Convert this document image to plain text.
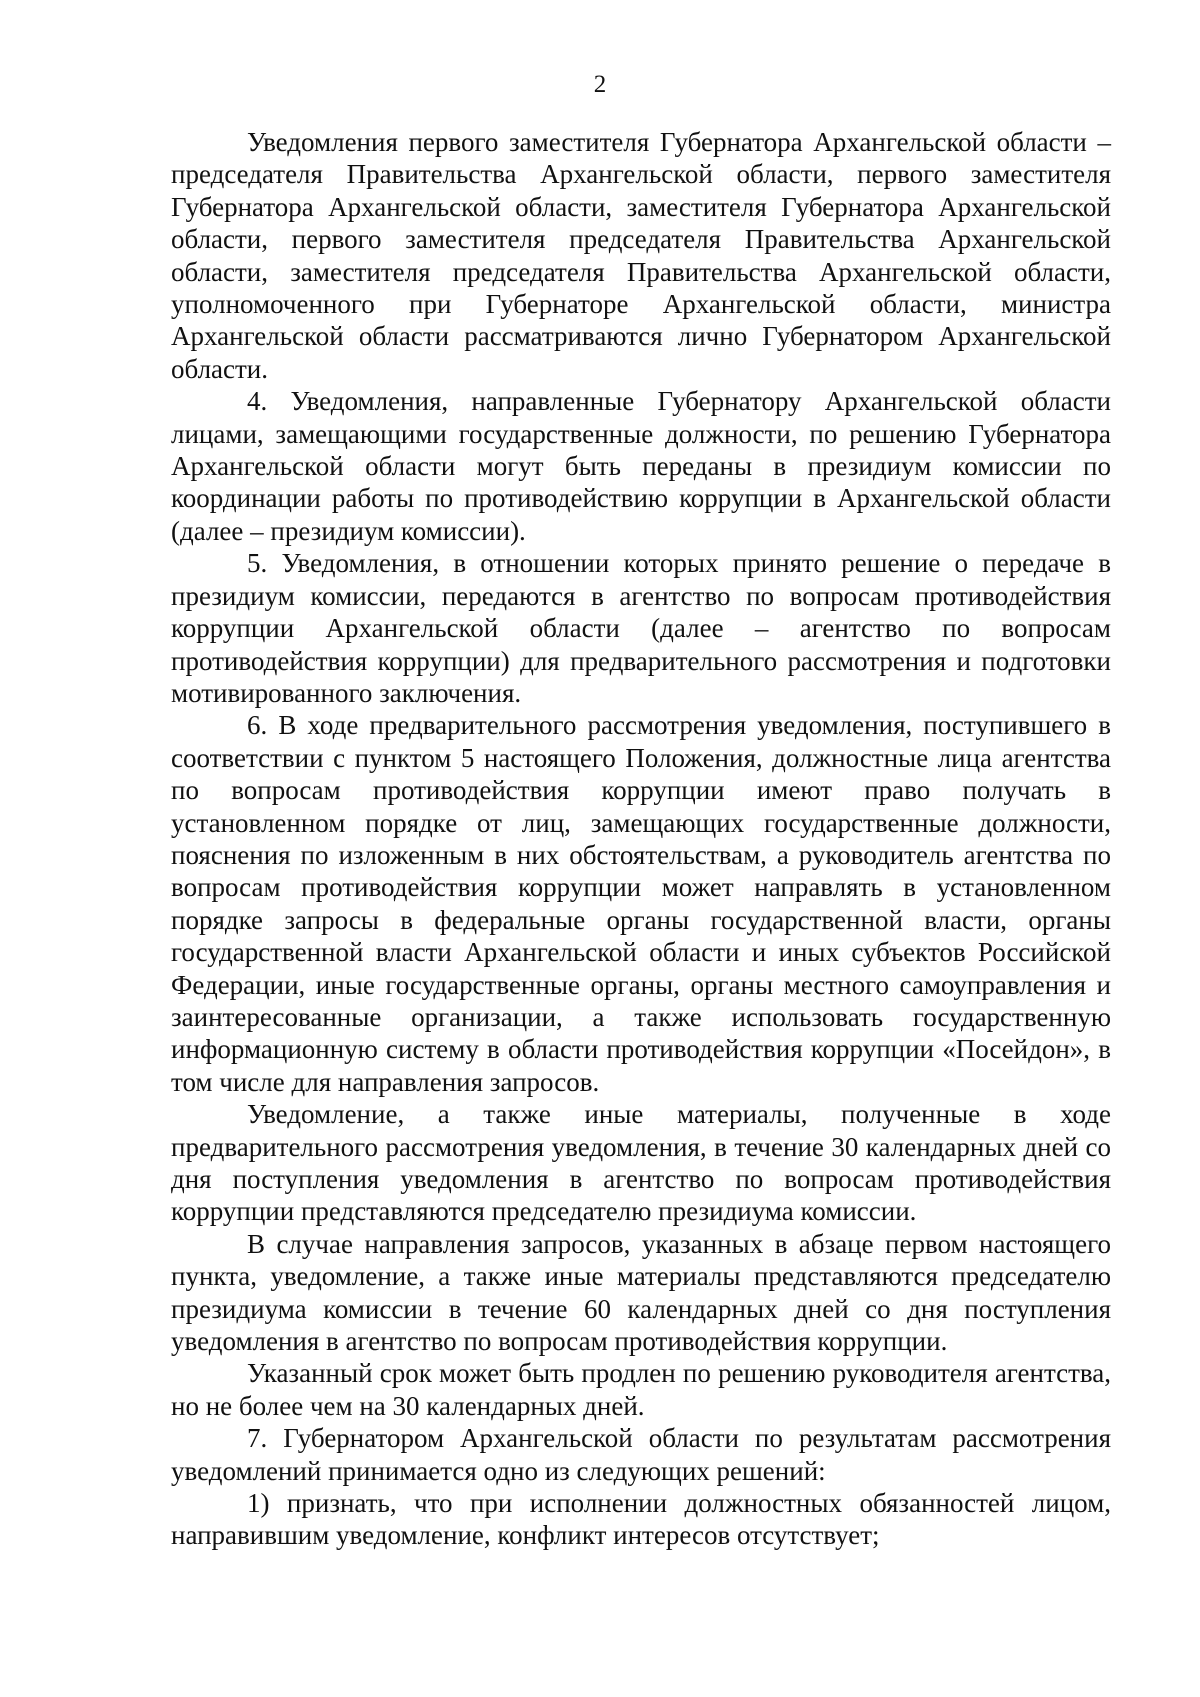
2

Уведомления первого заместителя Губернатора Архангельской области – председателя Правительства Архангельской области, первого заместителя Губернатора Архангельской области, заместителя Губернатора Архангельской области, первого заместителя председателя Правительства Архангельской области, заместителя председателя Правительства Архангельской области, уполномоченного при Губернаторе Архангельской области, министра Архангельской области рассматриваются лично Губернатором Архангельской области.

4. Уведомления, направленные Губернатору Архангельской области лицами, замещающими государственные должности, по решению Губернатора Архангельской области могут быть переданы в президиум комиссии по координации работы по противодействию коррупции в Архангельской области (далее – президиум комиссии).

5. Уведомления, в отношении которых принято решение о передаче в президиум комиссии, передаются в агентство по вопросам противодействия коррупции Архангельской области (далее – агентство по вопросам противодействия коррупции) для предварительного рассмотрения и подготовки мотивированного заключения.

6. В ходе предварительного рассмотрения уведомления, поступившего в соответствии с пунктом 5 настоящего Положения, должностные лица агентства по вопросам противодействия коррупции имеют право получать в установленном порядке от лиц, замещающих государственные должности, пояснения по изложенным в них обстоятельствам, а руководитель агентства по вопросам противодействия коррупции может направлять в установленном порядке запросы в федеральные органы государственной власти, органы государственной власти Архангельской области и иных субъектов Российской Федерации, иные государственные органы, органы местного самоуправления и заинтересованные организации, а также использовать государственную информационную систему в области противодействия коррупции «Посейдон», в том числе для направления запросов.

Уведомление, а также иные материалы, полученные в ходе предварительного рассмотрения уведомления, в течение 30 календарных дней со дня поступления уведомления в агентство по вопросам противодействия коррупции представляются председателю президиума комиссии.

В случае направления запросов, указанных в абзаце первом настоящего пункта, уведомление, а также иные материалы представляются председателю президиума комиссии в течение 60 календарных дней со дня поступления уведомления в агентство по вопросам противодействия коррупции.

Указанный срок может быть продлен по решению руководителя агентства, но не более чем на 30 календарных дней.

7. Губернатором Архангельской области по результатам рассмотрения уведомлений принимается одно из следующих решений:

1) признать, что при исполнении должностных обязанностей лицом, направившим уведомление, конфликт интересов отсутствует;
